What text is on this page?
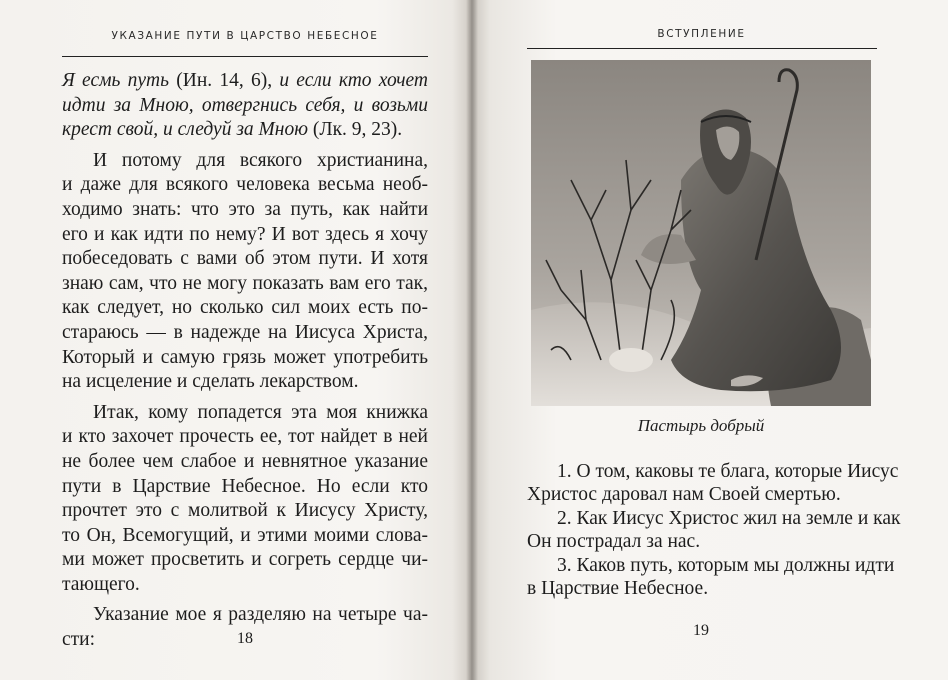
УКАЗАНИЕ ПУТИ В ЦАРСТВО НЕБЕСНОЕ

Я есмь путь (Ин. 14, 6), и если кто хочет
идти за Мною, отвергнись себя, и возьми
крест свой, и следуй за Мною (Лк. 9, 23).

И потому для всякого христианина,
и даже для всякого человека весьма необ-
ходимо знать: что это за путь, как найти
его и как идти по нему? И вот здесь я хочу
побеседовать с вами об этом пути. И хотя
знаю сам, что не могу показать вам его так,
как следует, но сколько сил моих есть по-
стараюсь — в надежде на Иисуса Христа,
Который и самую грязь может употребить
на исцеление и сделать лекарством.

Итак, кому попадется эта моя книжка
и кто захочет прочесть ее, тот найдет в ней
не более чем слабое и невнятное указание
пути в Царствие Небесное. Но если кто
прочтет это с молитвой к Иисусу Христу,
то Он, Всемогущий, и этими моими слова-
ми может просветить и согреть сердце чи-
тающего.

Указание мое я разделяю на четыре ча-
сти:	18
ВСТУПЛЕНИЕ
Пастырь добрый

1. О том, каковы те блага, которые Иисус
Христос даровал нам Своей смертью.
2. Как Иисус Христос жил на земле и как
Он пострадал за нас.
3. Каков путь, которым мы должны идти
в Царствие Небесное.

19
